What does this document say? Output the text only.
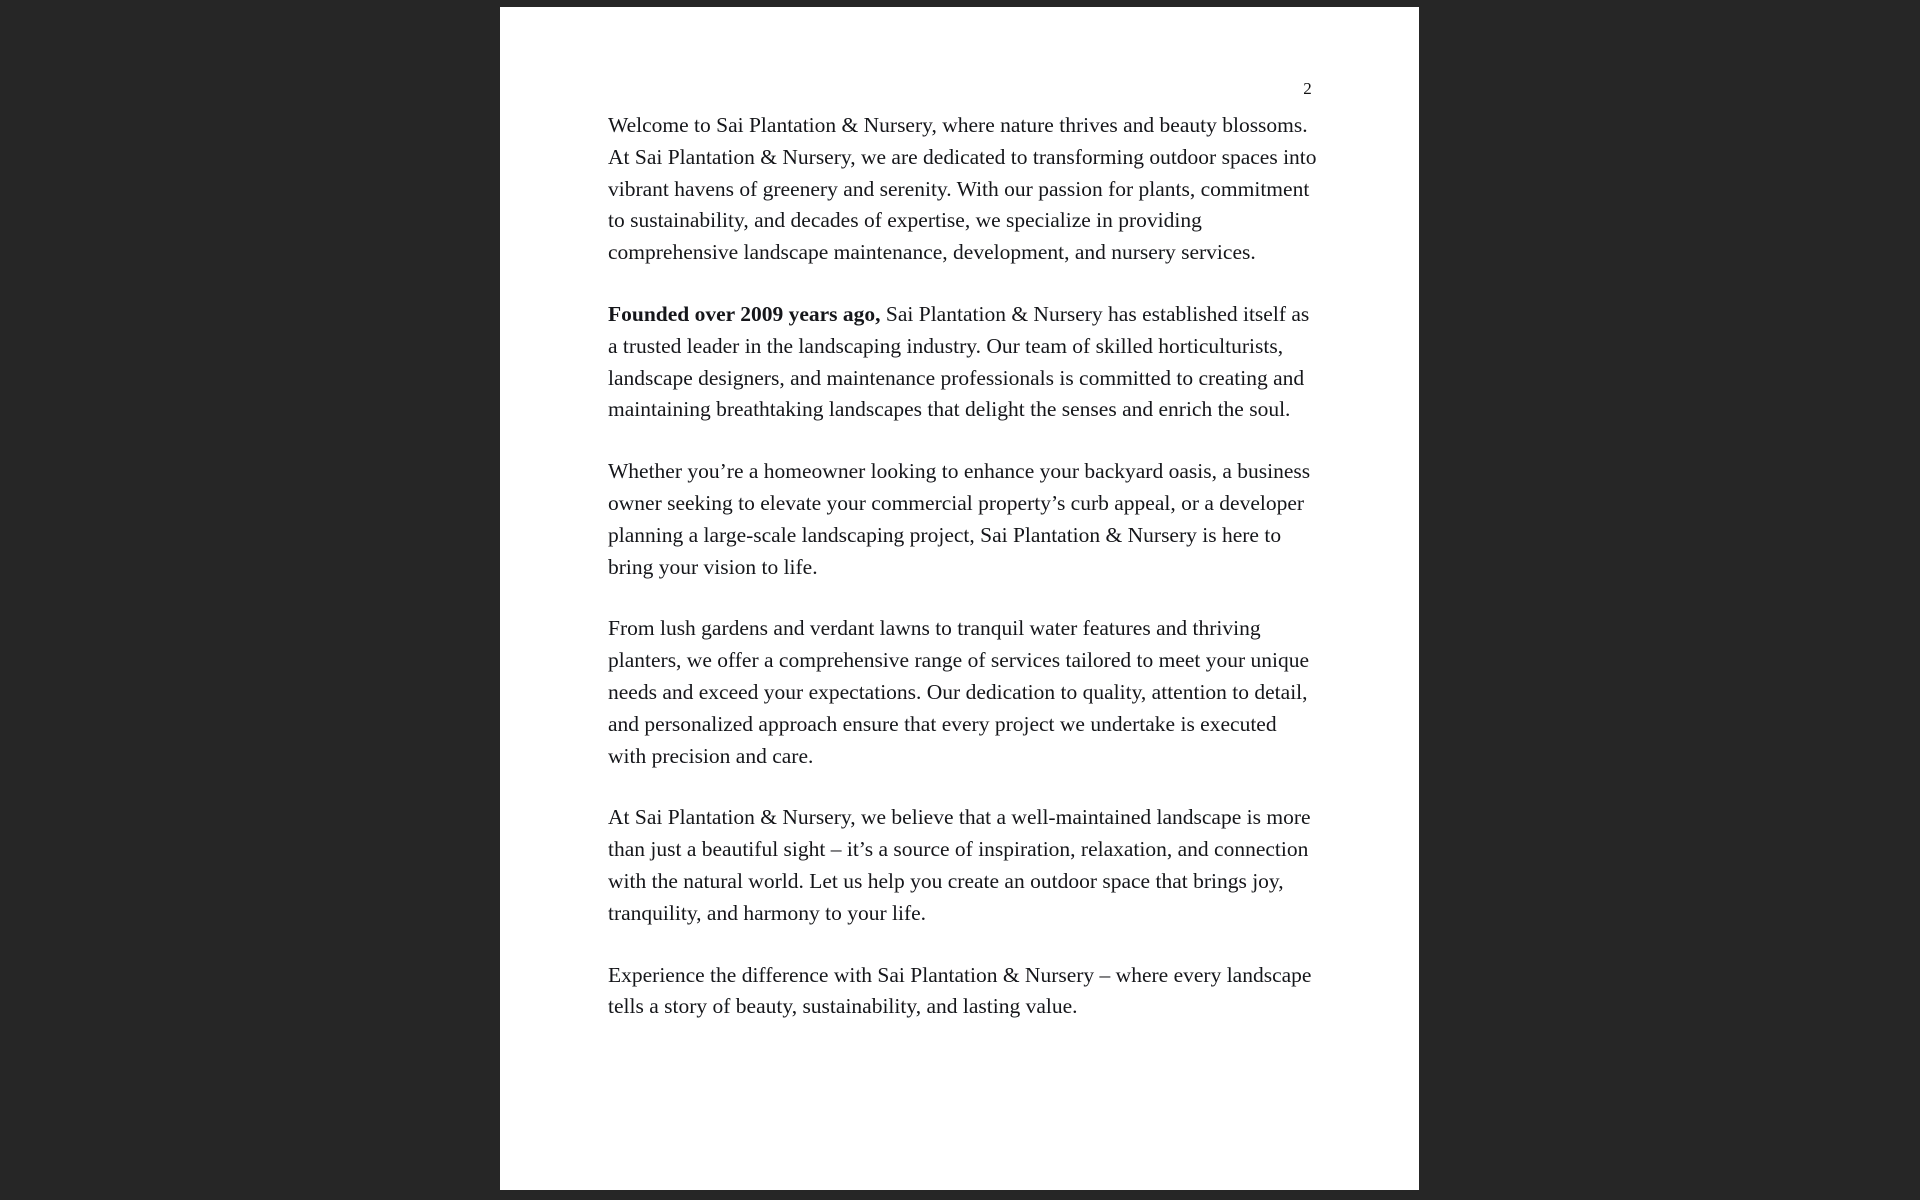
2

Welcome to Sai Plantation & Nursery, where nature thrives and beauty blossoms. At Sai Plantation & Nursery, we are dedicated to transforming outdoor spaces into vibrant havens of greenery and serenity. With our passion for plants, commitment to sustainability, and decades of expertise, we specialize in providing comprehensive landscape maintenance, development, and nursery services.

Founded over 2009 years ago, Sai Plantation & Nursery has established itself as a trusted leader in the landscaping industry. Our team of skilled horticulturists, landscape designers, and maintenance professionals is committed to creating and maintaining breathtaking landscapes that delight the senses and enrich the soul.

Whether you’re a homeowner looking to enhance your backyard oasis, a business owner seeking to elevate your commercial property’s curb appeal, or a developer planning a large-scale landscaping project, Sai Plantation & Nursery is here to bring your vision to life.

From lush gardens and verdant lawns to tranquil water features and thriving planters, we offer a comprehensive range of services tailored to meet your unique needs and exceed your expectations. Our dedication to quality, attention to detail, and personalized approach ensure that every project we undertake is executed with precision and care.

At Sai Plantation & Nursery, we believe that a well-maintained landscape is more than just a beautiful sight – it’s a source of inspiration, relaxation, and connection with the natural world. Let us help you create an outdoor space that brings joy, tranquility, and harmony to your life.

Experience the difference with Sai Plantation & Nursery – where every landscape tells a story of beauty, sustainability, and lasting value.
